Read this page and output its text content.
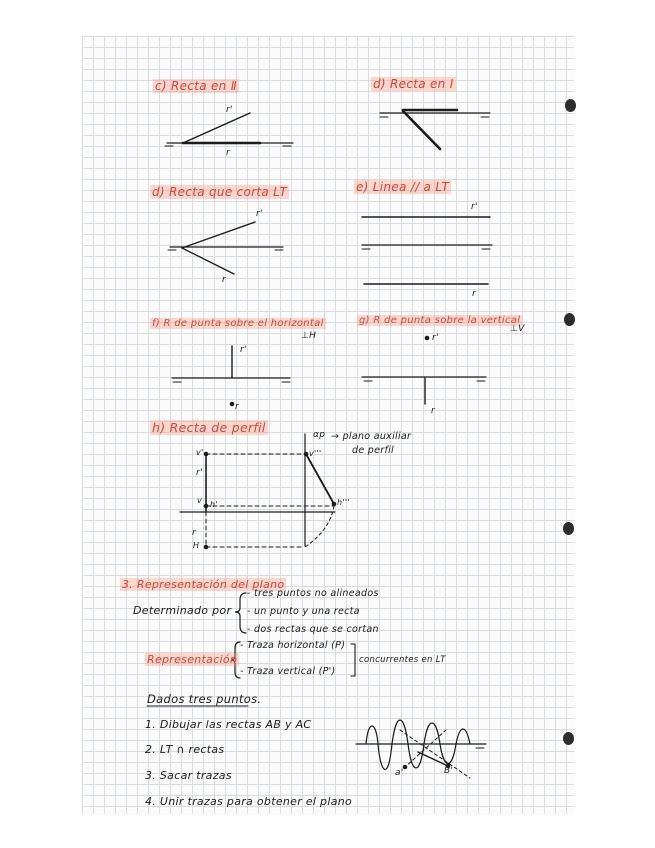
c) Recta en Ⅱ	d) Recta en Ⅰ
d) Recta que corta LT	e) Linea // a LT
f) R de punta sobre el horizontal	g) R de punta sobre la vertical
h) Recta de perfil
3. Representación del plano
r'
r
r'
r
r'
r
r'
⊥H
r
r'
⊥V
r
αp → plano auxiliar
de perfil
v'	v'''
r'
v h'	h'''
r
H
Determinado por
- tres puntos no alineados
- un punto y una recta
- dos rectas que se cortan
Representación
- Traza horizontal (P)
- Traza vertical (P')
concurrentes en LT
Dados tres puntos.
1. Dibujar las rectas AB y AC
2. LT ∩ rectas
3. Sacar trazas
4. Unir trazas para obtener el plano
a'	B'
